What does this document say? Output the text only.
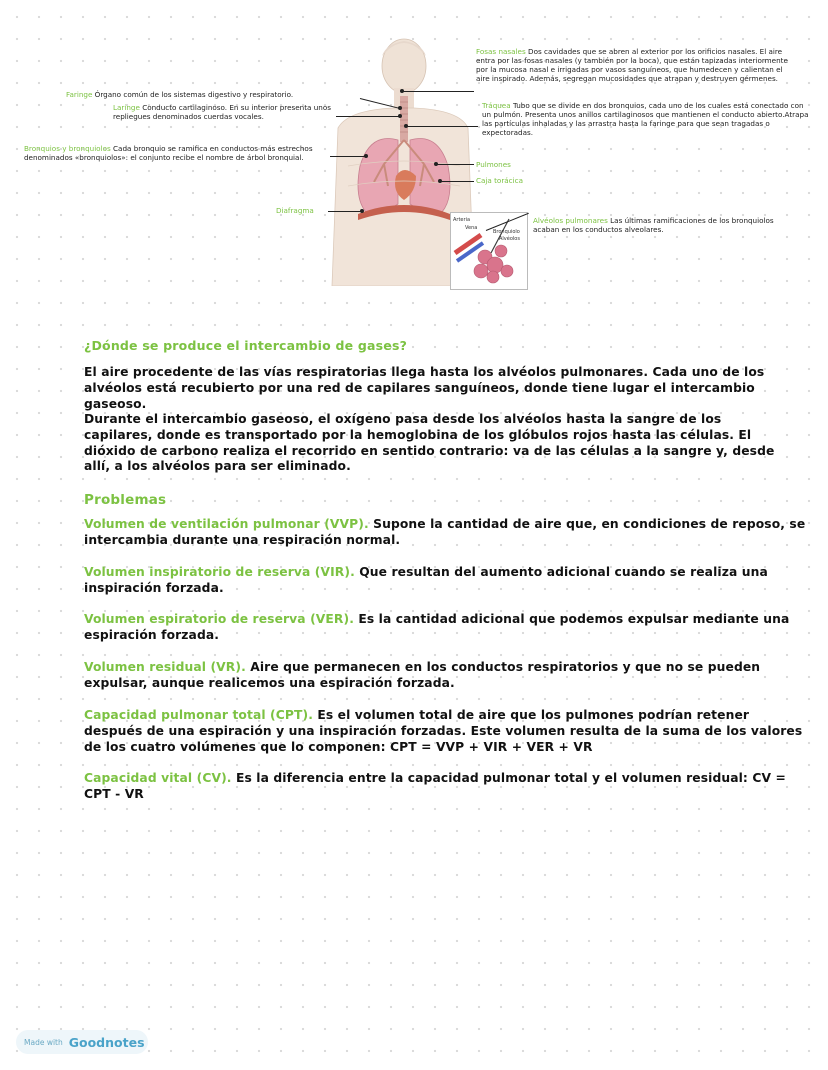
Arteria
Vena
Bronquiolo
Alvéolos
Faringe Órgano común de los sistemas digestivo y respiratorio.
Laringe Conducto cartilaginoso. En su interior presenta unos repliegues denominados cuerdas vocales.
Bronquios y bronquiolos Cada bronquio se ramifica en conductos más estrechos denominados «bronquiolos»: el conjunto recibe el nombre de árbol bronquial.
Diafragma
Fosas nasales Dos cavidades que se abren al exterior por los orificios nasales. El aire entra por las fosas nasales (y también por la boca), que están tapizadas interiormente por la mucosa nasal e irrigadas por vasos sanguíneos, que humedecen y calientan el aire inspirado. Además, segregan mucosidades que atrapan y destruyen gérmenes.
Tráquea Tubo que se divide en dos bronquios, cada uno de los cuales está conectado con un pulmón. Presenta unos anillos cartilaginosos que mantienen el conducto abierto.Atrapa las partículas inhaladas y las arrastra hasta la faringe para que sean tragadas o expectoradas.
Pulmones
Caja torácica
Alvéolos pulmonares Las últimas ramificaciones de los bronquiolos acaban en los conductos alveolares.
¿Dónde se produce el intercambio de gases?
El aire procedente de las vías respiratorias llega hasta los alvéolos pulmonares. Cada uno de los alvéolos está recubierto por una red de capilares sanguíneos, donde tiene lugar el intercambio gaseoso.
Durante el intercambio gaseoso, el oxígeno pasa desde los alvéolos hasta la sangre de los capilares, donde es transportado por la hemoglobina de los glóbulos rojos hasta las células. El dióxido de carbono realiza el recorrido en sentido contrario: va de las células a la sangre y, desde allí, a los alvéolos para ser eliminado.
Problemas
Volumen de ventilación pulmonar (VVP). Supone la cantidad de aire que, en condiciones de reposo, se intercambia durante una respiración normal.
Volumen inspiratorio de reserva (VIR). Que resultan del aumento adicional cuando se realiza una inspiración forzada.
Volumen espiratorio de reserva (VER). Es la cantidad adicional que podemos expulsar mediante una espiración forzada.
Volumen residual (VR). Aire que permanecen en los conductos respiratorios y que no se pueden expulsar, aunque realicemos una espiración forzada.
Capacidad pulmonar total (CPT). Es el volumen total de aire que los pulmones podrían retener después de una espiración y una inspiración forzadas. Este volumen resulta de la suma de los valores de los cuatro volúmenes que lo componen: CPT = VVP + VIR + VER + VR
Capacidad vital (CV). Es la diferencia entre la capacidad pulmonar total y el volumen residual: CV = CPT - VR
Made with Goodnotes
